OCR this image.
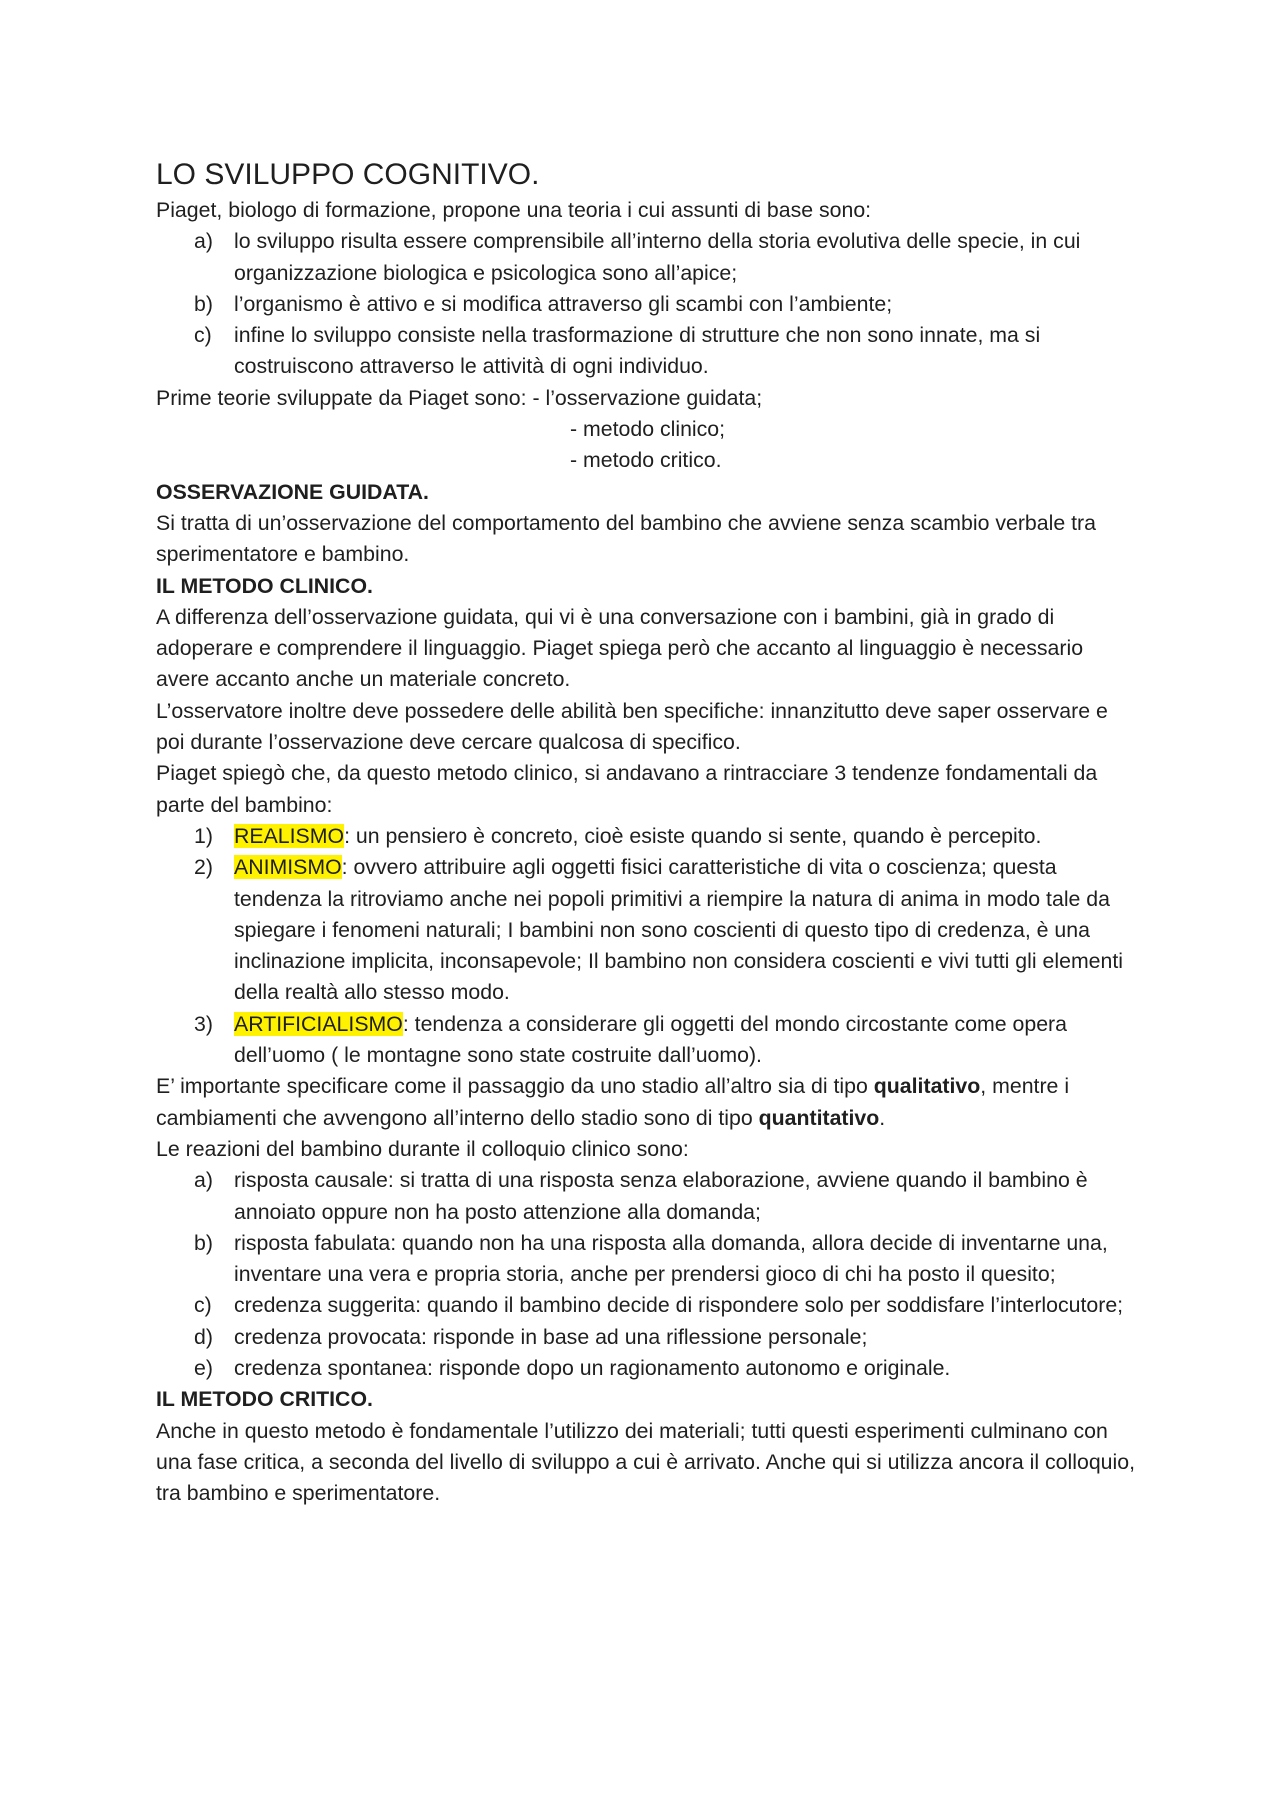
LO SVILUPPO COGNITIVO.

Piaget, biologo di formazione, propone una teoria i cui assunti di base sono:

a) lo sviluppo risulta essere comprensibile all’interno della storia evolutiva delle specie, in cui organizzazione biologica e psicologica sono all’apice;
b) l’organismo è attivo e si modifica attraverso gli scambi con l’ambiente;
c) infine lo sviluppo consiste nella trasformazione di strutture che non sono innate, ma si costruiscono attraverso le attività di ogni individuo.

Prime teorie sviluppate da Piaget sono: - l’osservazione guidata;

- metodo clinico;

- metodo critico.

OSSERVAZIONE GUIDATA.

Si tratta di un’osservazione del comportamento del bambino che avviene senza scambio verbale tra sperimentatore e bambino.

IL METODO CLINICO.

A differenza dell’osservazione guidata, qui vi è una conversazione con i bambini, già in grado di adoperare e comprendere il linguaggio. Piaget spiega però che accanto al linguaggio è necessario avere accanto anche un materiale concreto.

L’osservatore inoltre deve possedere delle abilità ben specifiche: innanzitutto deve saper osservare e poi durante l’osservazione deve cercare qualcosa di specifico.

Piaget spiegò che, da questo metodo clinico, si andavano a rintracciare 3 tendenze fondamentali da parte del bambino:

1) REALISMO: un pensiero è concreto, cioè esiste quando si sente, quando è percepito.
2) ANIMISMO: ovvero attribuire agli oggetti fisici caratteristiche di vita o coscienza; questa tendenza la ritroviamo anche nei popoli primitivi a riempire la natura di anima in modo tale da spiegare i fenomeni naturali; I bambini non sono coscienti di questo tipo di credenza, è una inclinazione implicita, inconsapevole; Il bambino non considera coscienti e vivi tutti gli elementi della realtà allo stesso modo.
3) ARTIFICIALISMO: tendenza a considerare gli oggetti del mondo circostante come opera dell’uomo ( le montagne sono state costruite dall’uomo).

E’ importante specificare come il passaggio da uno stadio all’altro sia di tipo qualitativo, mentre i cambiamenti che avvengono all’interno dello stadio sono di tipo quantitativo.

Le reazioni del bambino durante il colloquio clinico sono:

a) risposta causale: si tratta di una risposta senza elaborazione, avviene quando il bambino è annoiato oppure non ha posto attenzione alla domanda;
b) risposta fabulata: quando non ha una risposta alla domanda, allora decide di inventarne una, inventare una vera e propria storia, anche per prendersi gioco di chi ha posto il quesito;
c) credenza suggerita: quando il bambino decide di rispondere solo per soddisfare l’interlocutore;
d) credenza provocata: risponde in base ad una riflessione personale;
e) credenza spontanea: risponde dopo un ragionamento autonomo e originale.

IL METODO CRITICO.

Anche in questo metodo è fondamentale l’utilizzo dei materiali; tutti questi esperimenti culminano con una fase critica, a seconda del livello di sviluppo a cui è arrivato. Anche qui si utilizza ancora il colloquio, tra bambino e sperimentatore.
